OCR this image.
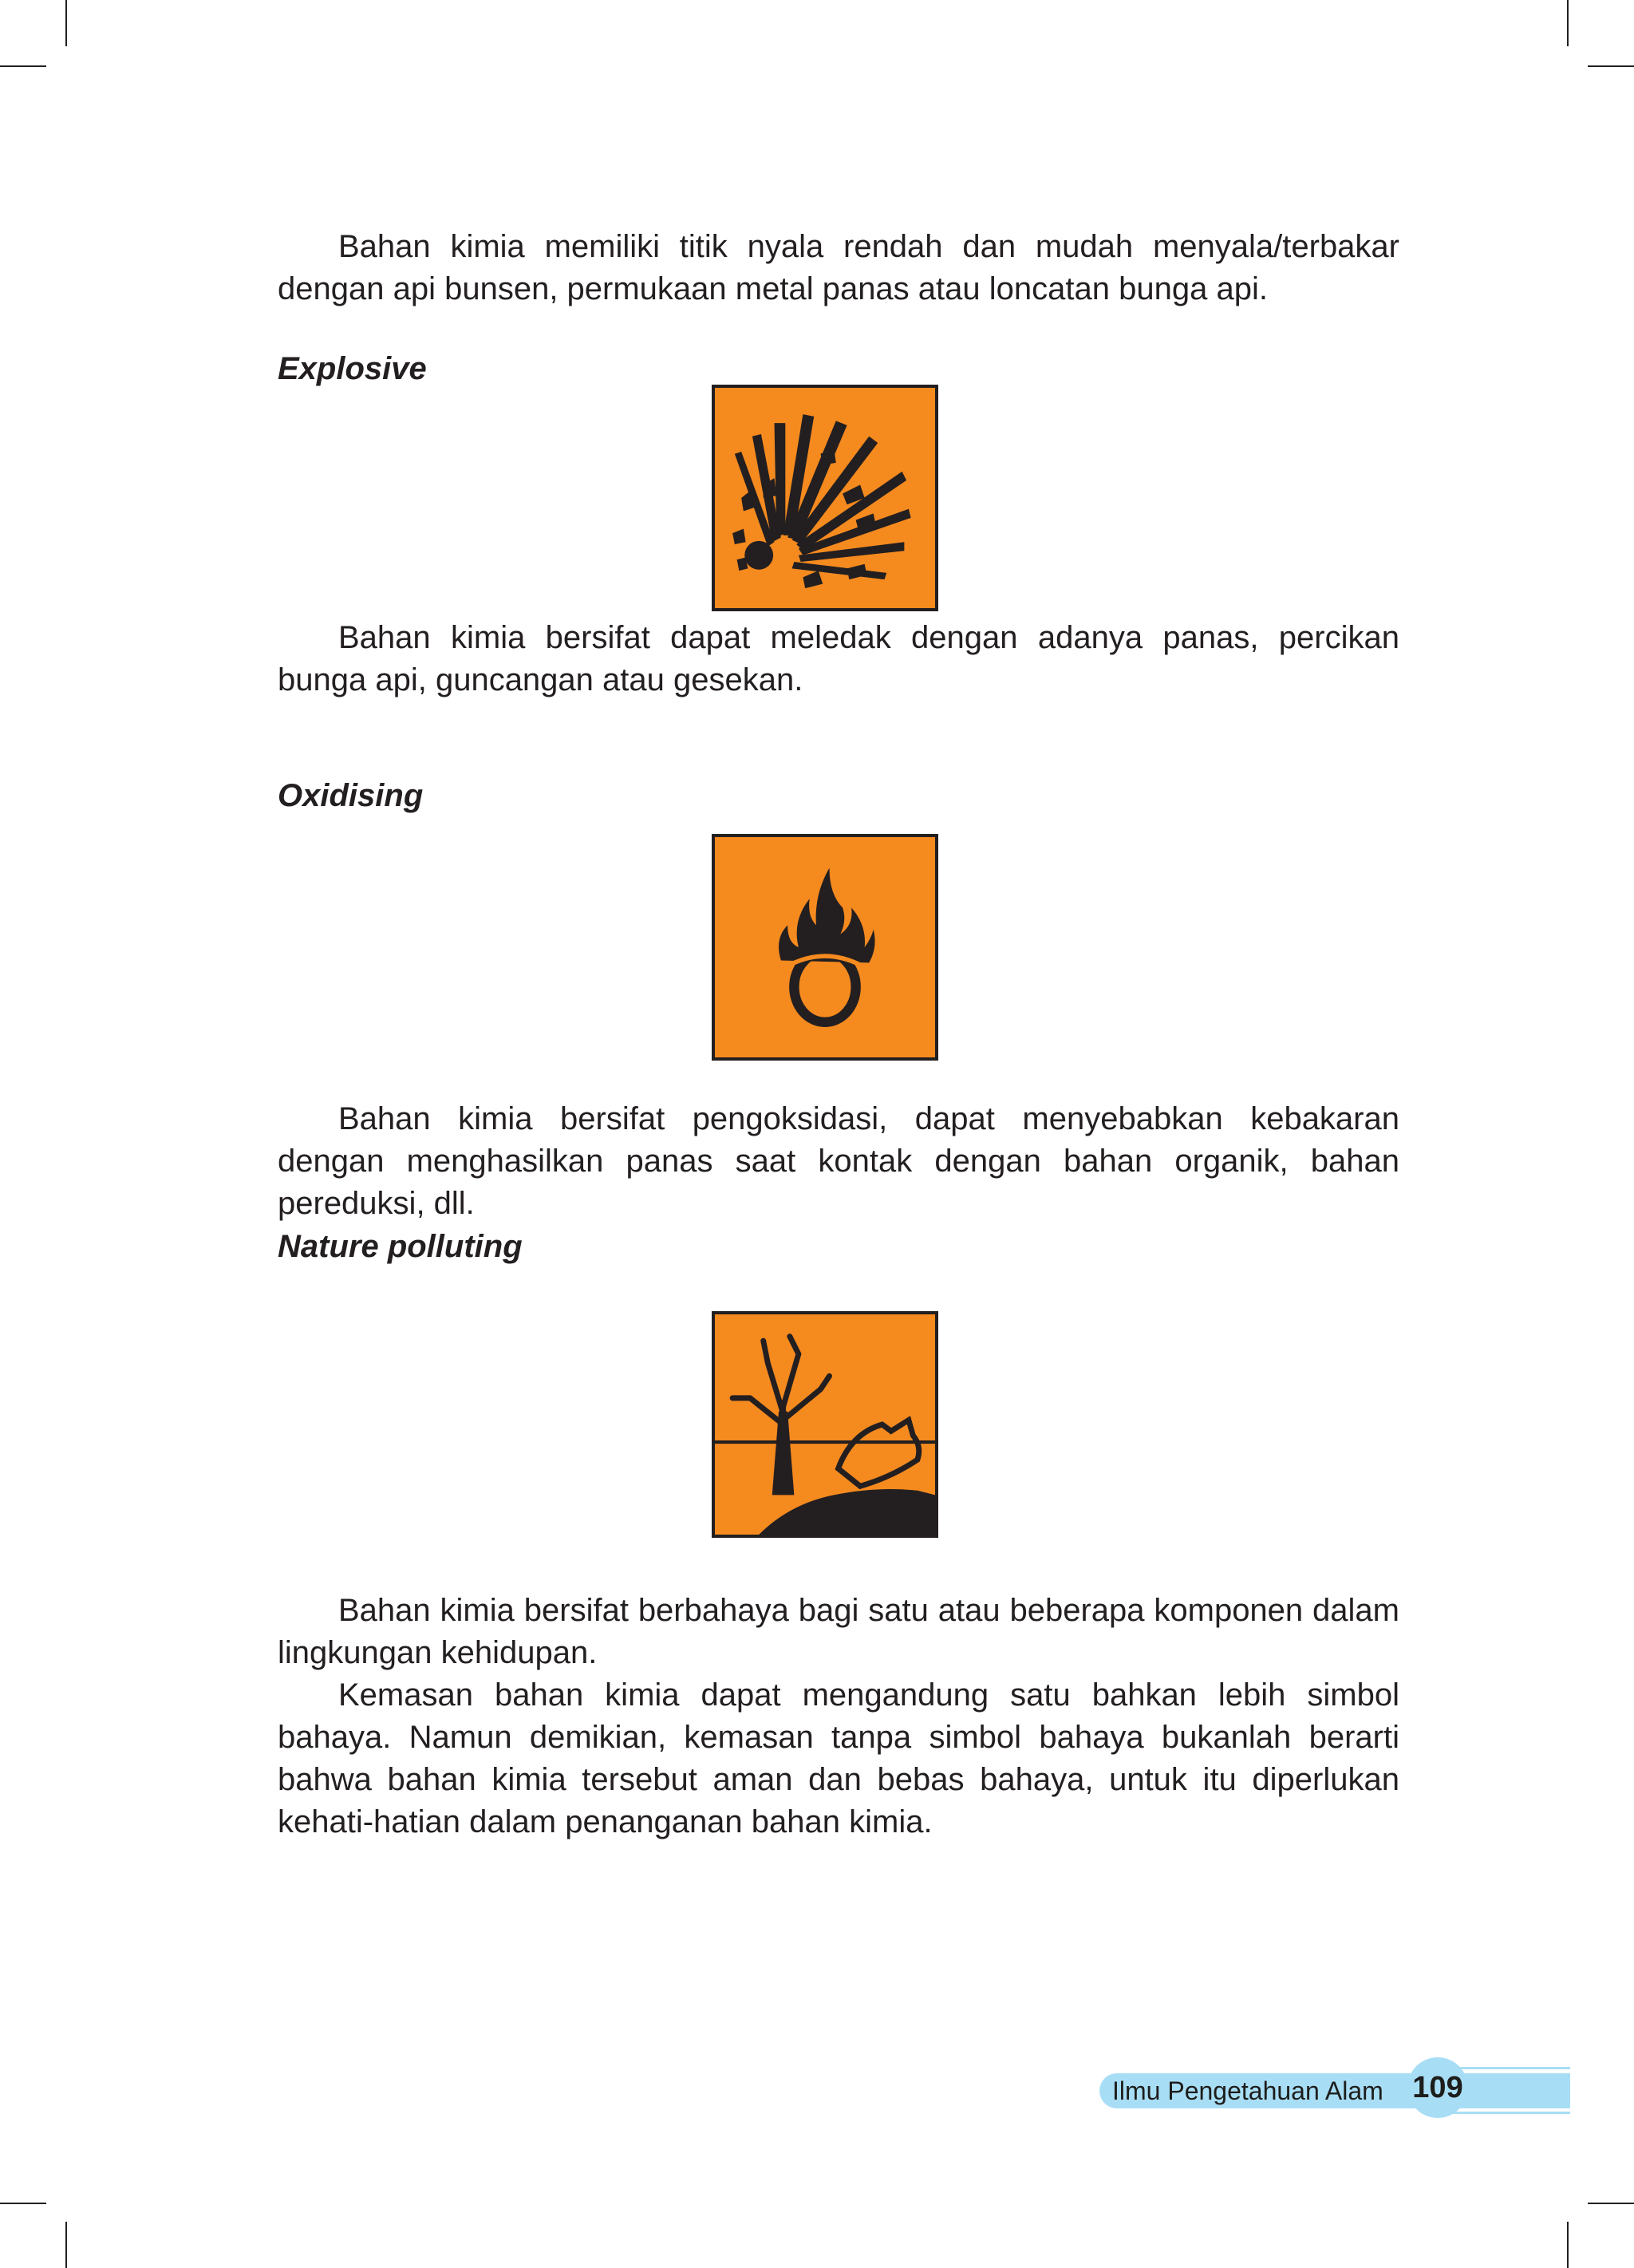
Bahan kimia memiliki titik nyala rendah dan mudah menyala/terbakar dengan api bunsen, permukaan metal panas atau loncatan bunga api.

Explosive

Bahan kimia bersifat dapat meledak dengan adanya panas, percikan bunga api, guncangan atau gesekan.

Oxidising

Bahan kimia bersifat pengoksidasi, dapat menyebabkan kebakaran dengan menghasilkan panas saat kontak dengan bahan organik, bahan pereduksi, dll.

Nature polluting

Bahan kimia bersifat berbahaya bagi satu atau beberapa komponen dalam lingkungan kehidupan.

Kemasan bahan kimia dapat mengandung satu bahkan lebih simbol bahaya. Namun demikian, kemasan tanpa simbol bahaya bukanlah berarti bahwa bahan kimia tersebut aman dan bebas bahaya, untuk itu diperlukan kehati-hatian dalam penanganan bahan kimia.

Ilmu Pengetahuan Alam 109
